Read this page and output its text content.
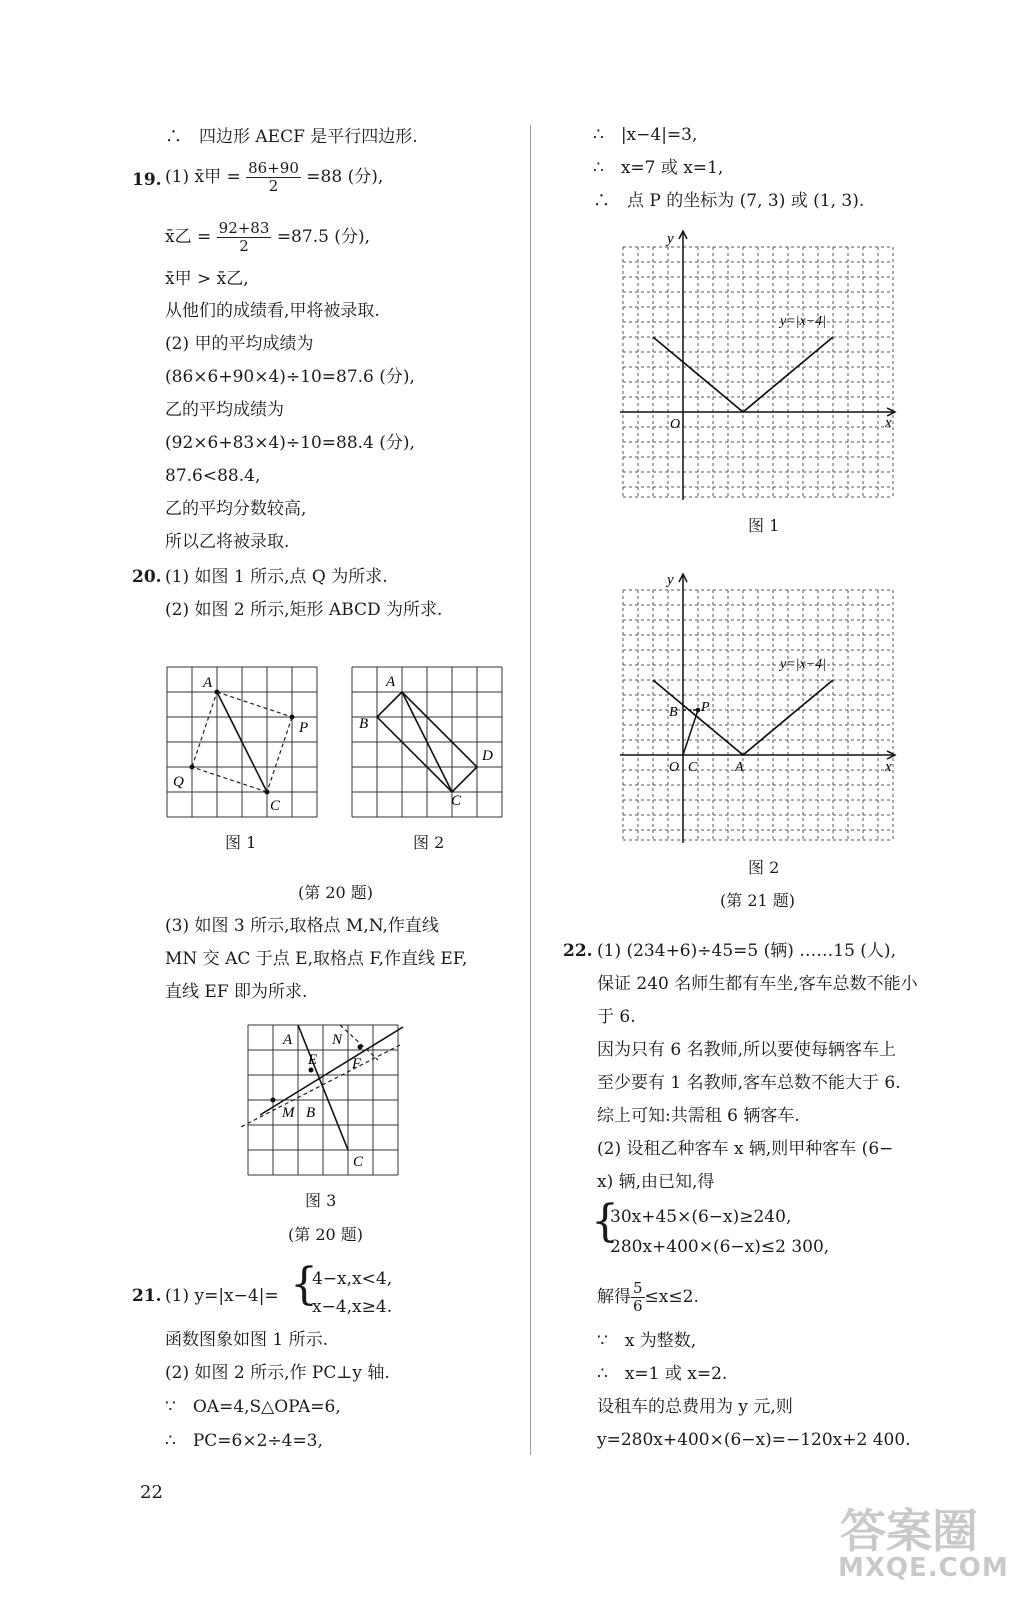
∴　四边形 AECF 是平行四边形.
19. (1) x̄甲 = $\frac{86+90}{2} =88$ (分),
x̄乙 = $\frac{92+83}{2} =87.5$ (分),
x̄甲 > x̄乙,
从他们的成绩看,甲将被录取.
(2) 甲的平均成绩为
(86×6+90×4)÷10=87.6 (分),
乙的平均成绩为
(92×6+83×4)÷10=88.4 (分),
87.6<88.4,
乙的平均分数较高,
所以乙将被录取.
20. (1) 如图 1 所示,点 Q 为所求.
(2) 如图 2 所示,矩形 ABCD 为所求.
A
P
Q
C
图 1
A
B
D
C
图 2
(第 20 题)
(3) 如图 3 所示,取格点 M,N,作直线
MN 交 AC 于点 E,取格点 F,作直线 EF,
直线 EF 即为所求.
A	N
E F
M B
C
图 3
(第 20 题)
21. (1) y=|x−4|= {
4−x,x<4,
x−4,x≥4.
函数图象如图 1 所示.
(2) 如图 2 所示,作 PC⊥y 轴.
∵　OA=4,S△OPA=6,
∴　PC=6×2÷4=3,
22
∴　|x−4|=3,
∴　x=7 或 x=1,
∴　点 P 的坐标为 (7, 3) 或 (1, 3).
y
x
O
y=|x−4|
图 1
y
x
O
B P
C	A
y=|x−4|
图 2
(第 21 题)
22. (1) (234+6)÷45=5 (辆) ……15 (人),
保证 240 名师生都有车坐,客车总数不能小
于 6.
因为只有 6 名教师,所以要使每辆客车上
至少要有 1 名教师,客车总数不能大于 6.
综上可知:共需租 6 辆客车.
(2) 设租乙种客车 x 辆,则甲种客车 (6−
x) 辆,由已知,得
{
30x+45×(6−x)≥240,
280x+400×(6−x)≤2 300,
解得 $\frac{5}{6} \le x\le 2$.
∵　x 为整数,
∴　x=1 或 x=2.
设租车的总费用为 y 元,则
y=280x+400×(6−x)=−120x+2 400.
答案圈
MXQE.COM
